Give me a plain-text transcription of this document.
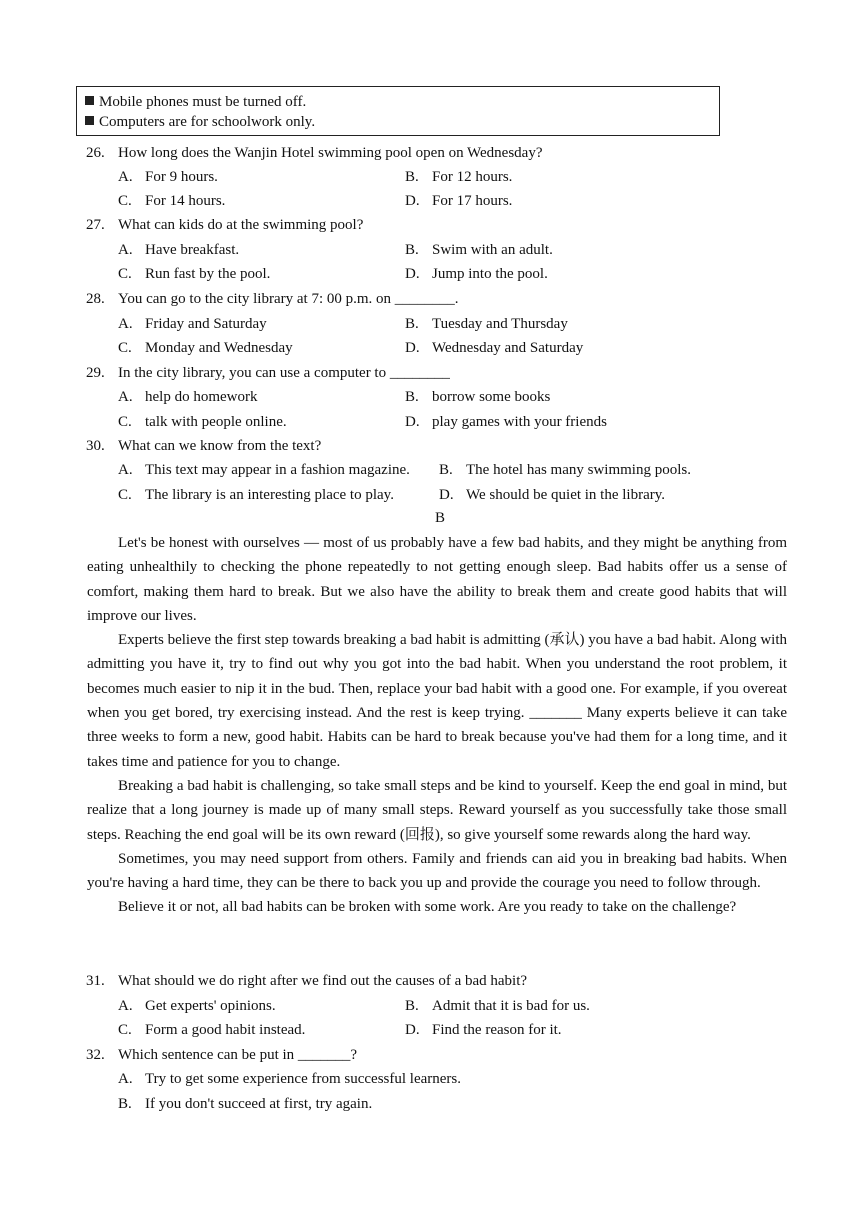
Mobile phones must be turned off.
Computers are for schoolwork only.
26. How long does the Wanjin Hotel swimming pool open on Wednesday?
A. For 9 hours.	B. For 12 hours.
C. For 14 hours.	D. For 17 hours.
27. What can kids do at the swimming pool?
A. Have breakfast.	B. Swim with an adult.
C. Run fast by the pool.	D. Jump into the pool.
28. You can go to the city library at 7: 00 p.m. on ________.
A. Friday and Saturday	B. Tuesday and Thursday
C. Monday and Wednesday	D. Wednesday and Saturday
29. In the city library, you can use a computer to ________
A. help do homework	B. borrow some books
C. talk with people online.	D. play games with your friends
30. What can we know from the text?
A. This text may appear in a fashion magazine. B. The hotel has many swimming pools.
C. The library is an interesting place to play.	D. We should be quiet in the library.
B

Let's be honest with ourselves — most of us probably have a few bad habits, and they might be anything from eating unhealthily to checking the phone repeatedly to not getting enough sleep. Bad habits offer us a sense of comfort, making them hard to break. But we also have the ability to break them and create good habits that will improve our lives.

Experts believe the first step towards breaking a bad habit is admitting (承认) you have a bad habit. Along with admitting you have it, try to find out why you got into the bad habit. When you understand the root problem, it becomes much easier to nip it in the bud. Then, replace your bad habit with a good one. For example, if you overeat when you get bored, try exercising instead. And the rest is keep trying. _______ Many experts believe it can take three weeks to form a new, good habit. Habits can be hard to break because you've had them for a long time, and it takes time and patience for you to change.

Breaking a bad habit is challenging, so take small steps and be kind to yourself. Keep the end goal in mind, but realize that a long journey is made up of many small steps. Reward yourself as you successfully take those small steps. Reaching the end goal will be its own reward (回报), so give yourself some rewards along the hard way.

Sometimes, you may need support from others. Family and friends can aid you in breaking bad habits. When you're having a hard time, they can be there to back you up and provide the courage you need to follow through.

Believe it or not, all bad habits can be broken with some work. Are you ready to take on the challenge?

31. What should we do right after we find out the causes of a bad habit?
A. Get experts' opinions.	B. Admit that it is bad for us.
C. Form a good habit instead.	D. Find the reason for it.
32. Which sentence can be put in _______?
A. Try to get some experience from successful learners.
B. If you don't succeed at first, try again.
